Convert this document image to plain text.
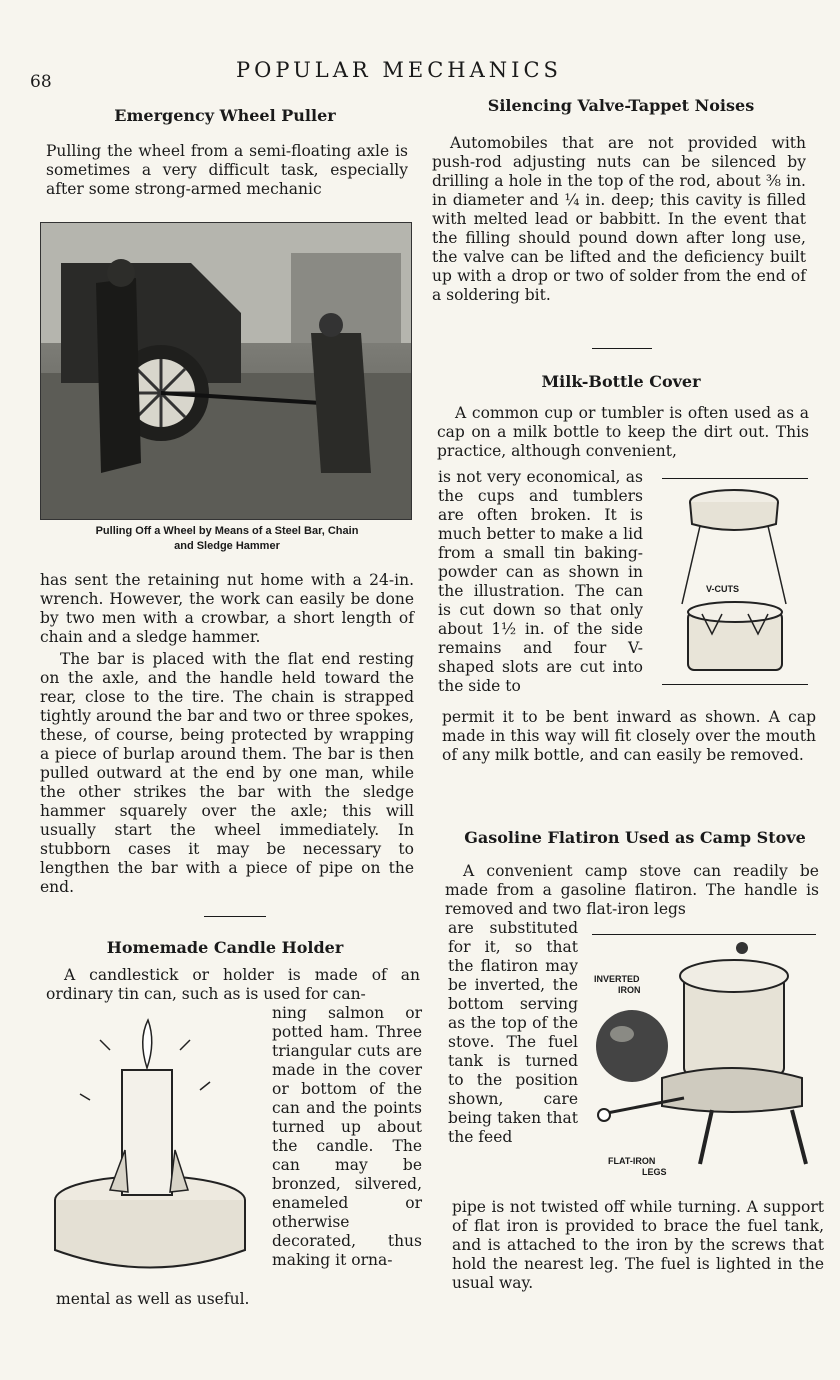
68	POPULAR MECHANICS
Emergency Wheel Puller
Pulling the wheel from a semi-floating axle is sometimes a very difficult task, especially after some strong-armed mechanic
Pulling Off a Wheel by Means of a Steel Bar, Chain
and Sledge Hammer
has sent the retaining nut home with a 24-in. wrench. However, the work can easily be done by two men with a crowbar, a short length of chain and a sledge hammer.
The bar is placed with the flat end resting on the axle, and the handle held toward the rear, close to the tire. The chain is strapped tightly around the bar and two or three spokes, these, of course, being protected by wrapping a piece of burlap around them. The bar is then pulled outward at the end by one man, while the other strikes the bar with the sledge hammer squarely over the axle; this will usually start the wheel immediately. In stubborn cases it may be necessary to lengthen the bar with a piece of pipe on the end.
Homemade Candle Holder
A candlestick or holder is made of an ordinary tin can, such as is used for can-
ning salmon or potted ham. Three triangular cuts are made in the cover or bottom of the can and the points turned up about the candle. The can may be bronzed, silvered, enameled or otherwise decorated, thus making it orna-
mental as well as useful.
Silencing Valve-Tappet Noises
Automobiles that are not provided with push-rod adjusting nuts can be silenced by drilling a hole in the top of the rod, about ⅜ in. in diameter and ¼ in. deep; this cavity is filled with melted lead or babbitt. In the event that the filling should pound down after long use, the valve can be lifted and the deficiency built up with a drop or two of solder from the end of a soldering bit.
Milk-Bottle Cover
A common cup or tumbler is often used as a cap on a milk bottle to keep the dirt out. This practice, although convenient,
V-CUTS
is not very economical, as the cups and tumblers are often broken. It is much better to make a lid from a small tin baking-powder can as shown in the illustration. The can is cut down so that only about 1½ in. of the side remains and four V-shaped slots are cut into the side to
permit it to be bent inward as shown. A cap made in this way will fit closely over the mouth of any milk bottle, and can easily be removed.
Gasoline Flatiron Used as Camp Stove
A convenient camp stove can readily be made from a gasoline flatiron. The handle is removed and two flat-iron legs
INVERTED
IRON
FLAT-IRON
LEGS
are substituted for it, so that the flatiron may be inverted, the bottom serving as the top of the stove. The fuel tank is turned to the position shown, care being taken that the feed
pipe is not twisted off while turning. A support of flat iron is provided to brace the fuel tank, and is attached to the iron by the screws that hold the nearest leg. The fuel is lighted in the usual way.
